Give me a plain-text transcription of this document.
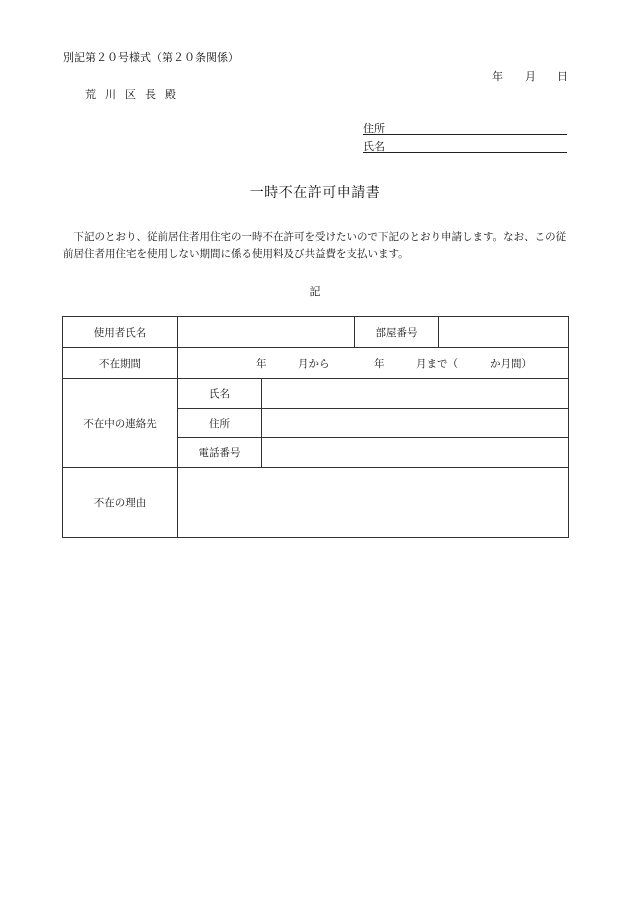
別記第２０号様式（第２０条関係）
年 月 日
荒川区長殿
住所
氏名
一時不在許可申請書
　下記のとおり、従前居住者用住宅の一時不在許可を受けたいので下記のとおり申請します。なお、この従前居住者用住宅を使用しない期間に係る使用料及び共益費を支払います。
記
使用者氏名			部屋番号	
不在期間	年 月から 年 月まで（ か月間）			

不在中の連絡先	氏名			
	住所			
	電話番号			
不在の理由				
